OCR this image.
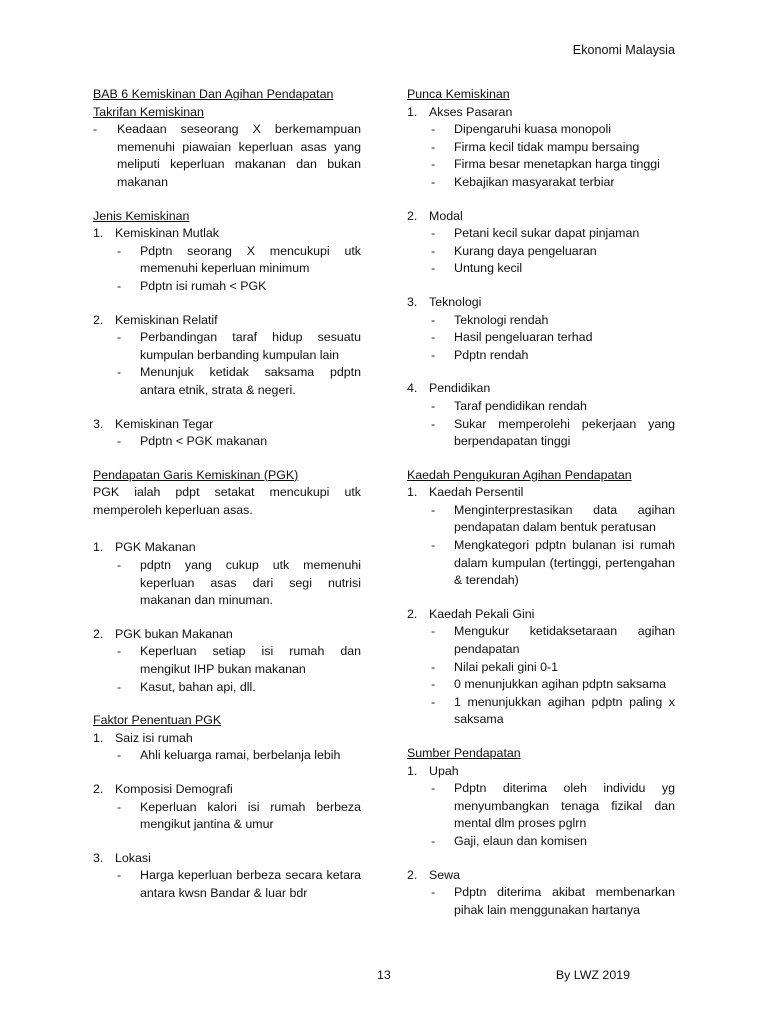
Ekonomi Malaysia
BAB 6 Kemiskinan Dan Agihan Pendapatan
Takrifan Kemiskinan
- Keadaan seseorang X berkemampuan memenuhi piawaian keperluan asas yang meliputi keperluan makanan dan bukan makanan
Jenis Kemiskinan
1. Kemiskinan Mutlak
- Pdptn seorang X mencukupi utk memenuhi keperluan minimum
- Pdptn isi rumah < PGK
2. Kemiskinan Relatif
- Perbandingan taraf hidup sesuatu kumpulan berbanding kumpulan lain
- Menunjuk ketidak saksama pdptn antara etnik, strata & negeri.
3. Kemiskinan Tegar
- Pdptn < PGK makanan
Pendapatan Garis Kemiskinan (PGK)
PGK ialah pdpt setakat mencukupi utk memperoleh keperluan asas.
1. PGK Makanan
- pdptn yang cukup utk memenuhi keperluan asas dari segi nutrisi makanan dan minuman.
2. PGK bukan Makanan
- Keperluan setiap isi rumah dan mengikut IHP bukan makanan
- Kasut, bahan api, dll.
Faktor Penentuan PGK
1. Saiz isi rumah
- Ahli keluarga ramai, berbelanja lebih
2. Komposisi Demografi
- Keperluan kalori isi rumah berbeza mengikut jantina & umur
3. Lokasi
- Harga keperluan berbeza secara ketara antara kwsn Bandar & luar bdr
Punca Kemiskinan
1. Akses Pasaran
- Dipengaruhi kuasa monopoli
- Firma kecil tidak mampu bersaing
- Firma besar menetapkan harga tinggi
- Kebajikan masyarakat terbiar
2. Modal
- Petani kecil sukar dapat pinjaman
- Kurang daya pengeluaran
- Untung kecil
3. Teknologi
- Teknologi rendah
- Hasil pengeluaran terhad
- Pdptn rendah
4. Pendidikan
- Taraf pendidikan rendah
- Sukar memperolehi pekerjaan yang berpendapatan tinggi
Kaedah Pengukuran Agihan Pendapatan
1. Kaedah Persentil
- Menginterprestasikan data agihan pendapatan dalam bentuk peratusan
- Mengkategori pdptn bulanan isi rumah dalam kumpulan (tertinggi, pertengahan & terendah)
2. Kaedah Pekali Gini
- Mengukur ketidaksetaraan agihan pendapatan
- Nilai pekali gini 0-1
- 0 menunjukkan agihan pdptn saksama
- 1 menunjukkan agihan pdptn paling x saksama
Sumber Pendapatan
1. Upah
- Pdptn diterima oleh individu yg menyumbangkan tenaga fizikal dan mental dlm proses pglrn
- Gaji, elaun dan komisen
2. Sewa
- Pdptn diterima akibat membenarkan pihak lain menggunakan hartanya
13	By LWZ 2019
